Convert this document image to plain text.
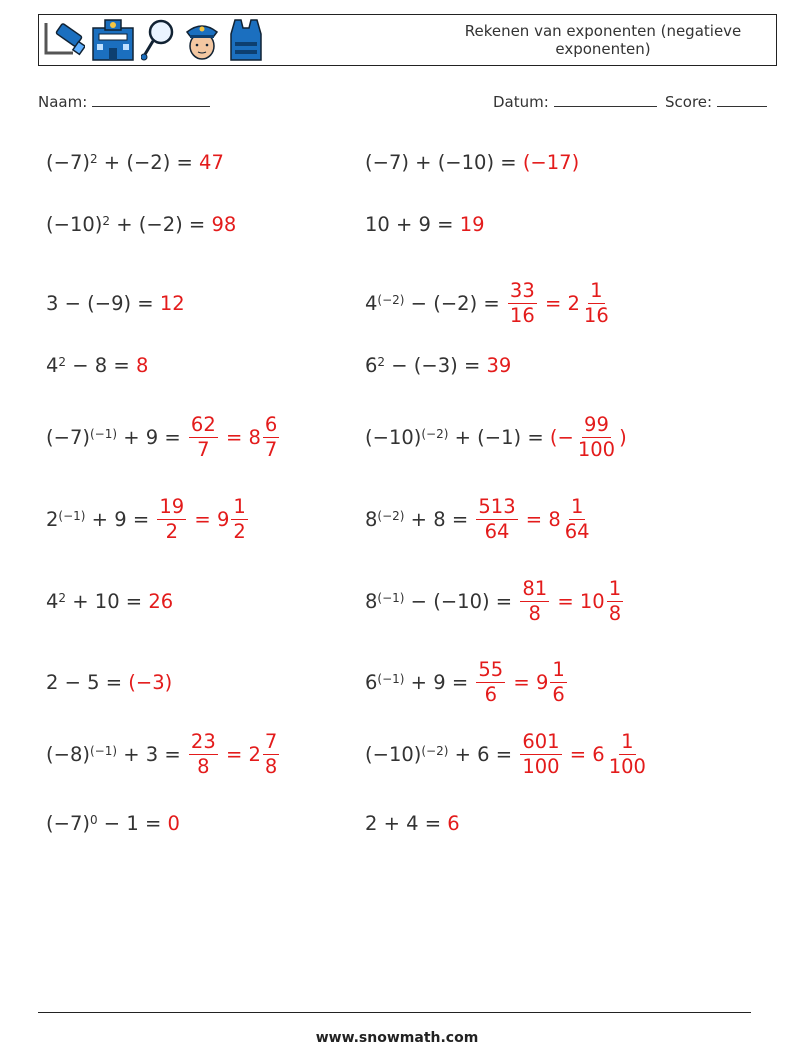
Rekenen van exponenten (negatieve exponenten)
Naam:	Datum:	Score:
(−7) $^2$ + (−2) = 47	(−7) + (−10) = (−17)
(−10) $^2$ + (−2) = 98	10 + 9 = 19
3 − (−9) = 12	4 $^{(-2)} - (-2) = \frac{33}{16} = 2 \frac{1}{16}$
4 $^2$ − 8 = 8	6 $^2$ − (−3) = 39
(−7) $^{(-1)} + 9 = \frac{62}{7} = 8 \frac{6}{7}$	(−10) $^{(-2)}$ + (−1) = (− $\frac{99}{100}$ )
2 $^{(-1)} + 9 = \frac{19}{2} = 9 \frac{1}{2}$	8 $^{(-2)} + 8 = \frac{513}{64} = 8 \frac{1}{64}$
4 $^2$ + 10 = 26	8 $^{(-1)} - (-10) = \frac{81}{8} = 10 \frac{1}{8}$
2 − 5 = (−3)	6 $^{(-1)} + 9 = \frac{55}{6} = 9 \frac{1}{6}$
(−8) $^{(-1)} + 3 = \frac{23}{8} = 2 \frac{7}{8}$	(−10) $^{(-2)} + 6 = \frac{601}{100} = 6 \frac{1}{100}$
(−7) $^0$ − 1 = 0	2 + 4 = 6
www.snowmath.com
